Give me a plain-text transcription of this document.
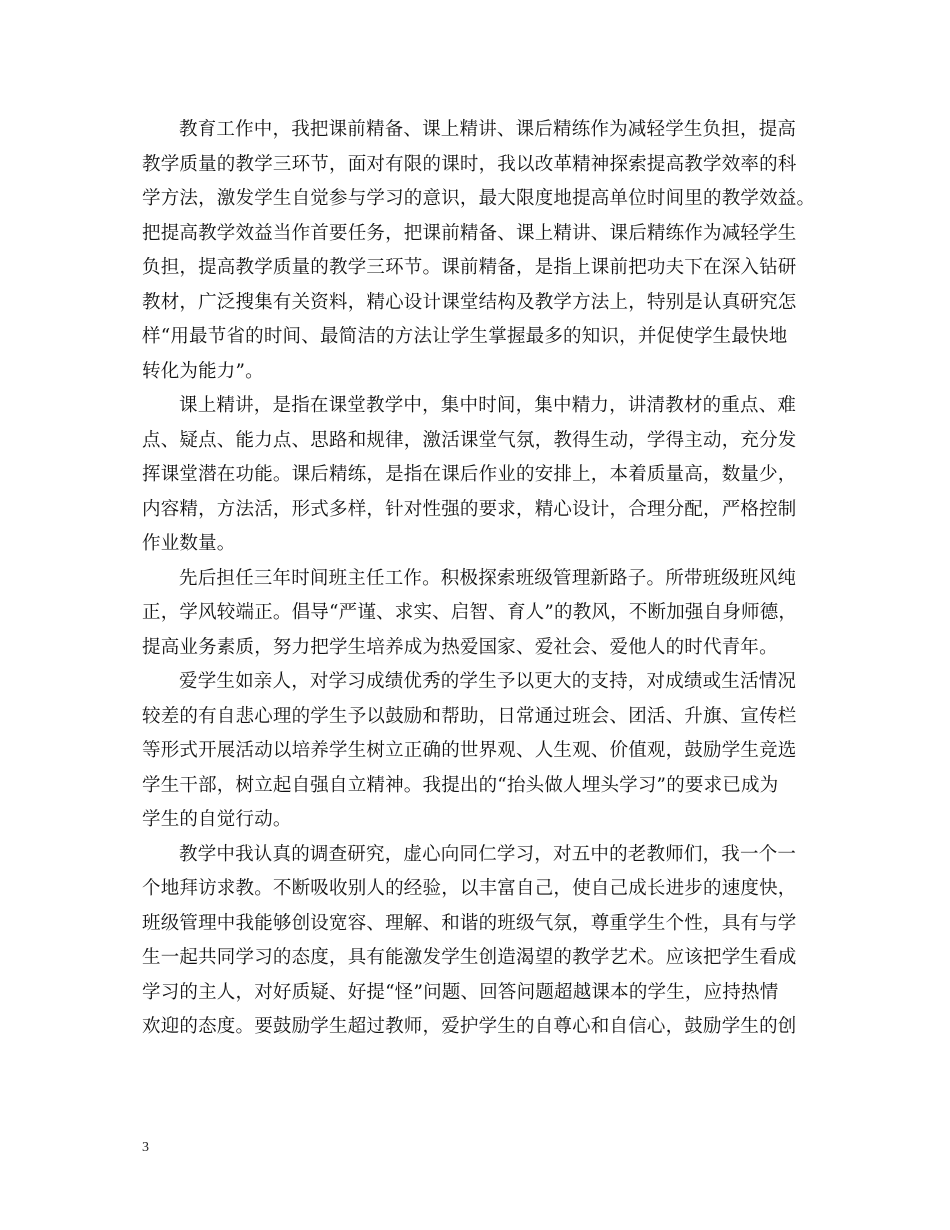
教育工作中，我把课前精备、课上精讲、课后精练作为减轻学生负担，提高
教学质量的教学三环节，面对有限的课时，我以改革精神探索提高教学效率的科
学方法，激发学生自觉参与学习的意识，最大限度地提高单位时间里的教学效益。
把提高教学效益当作首要任务，把课前精备、课上精讲、课后精练作为减轻学生
负担，提高教学质量的教学三环节。课前精备，是指上课前把功夫下在深入钻研
教材，广泛搜集有关资料，精心设计课堂结构及教学方法上，特别是认真研究怎
样“用最节省的时间、最简洁的方法让学生掌握最多的知识，并促使学生最快地
转化为能力”。
课上精讲，是指在课堂教学中，集中时间，集中精力，讲清教材的重点、难
点、疑点、能力点、思路和规律，激活课堂气氛，教得生动，学得主动，充分发
挥课堂潜在功能。课后精练，是指在课后作业的安排上，本着质量高，数量少，
内容精，方法活，形式多样，针对性强的要求，精心设计，合理分配，严格控制
作业数量。
先后担任三年时间班主任工作。积极探索班级管理新路子。所带班级班风纯
正，学风较端正。倡导“严谨、求实、启智、育人”的教风，不断加强自身师德，
提高业务素质，努力把学生培养成为热爱国家、爱社会、爱他人的时代青年。
爱学生如亲人，对学习成绩优秀的学生予以更大的支持，对成绩或生活情况
较差的有自悲心理的学生予以鼓励和帮助，日常通过班会、团活、升旗、宣传栏
等形式开展活动以培养学生树立正确的世界观、人生观、价值观，鼓励学生竞选
学生干部，树立起自强自立精神。我提出的“抬头做人埋头学习”的要求已成为
学生的自觉行动。
教学中我认真的调查研究，虚心向同仁学习，对五中的老教师们，我一个一
个地拜访求教。不断吸收别人的经验，以丰富自己，使自己成长进步的速度快，
班级管理中我能够创设宽容、理解、和谐的班级气氛，尊重学生个性，具有与学
生一起共同学习的态度，具有能激发学生创造渴望的教学艺术。应该把学生看成
学习的主人，对好质疑、好提“怪”问题、回答问题超越课本的学生，应持热情
欢迎的态度。要鼓励学生超过教师，爱护学生的自尊心和自信心，鼓励学生的创
3
